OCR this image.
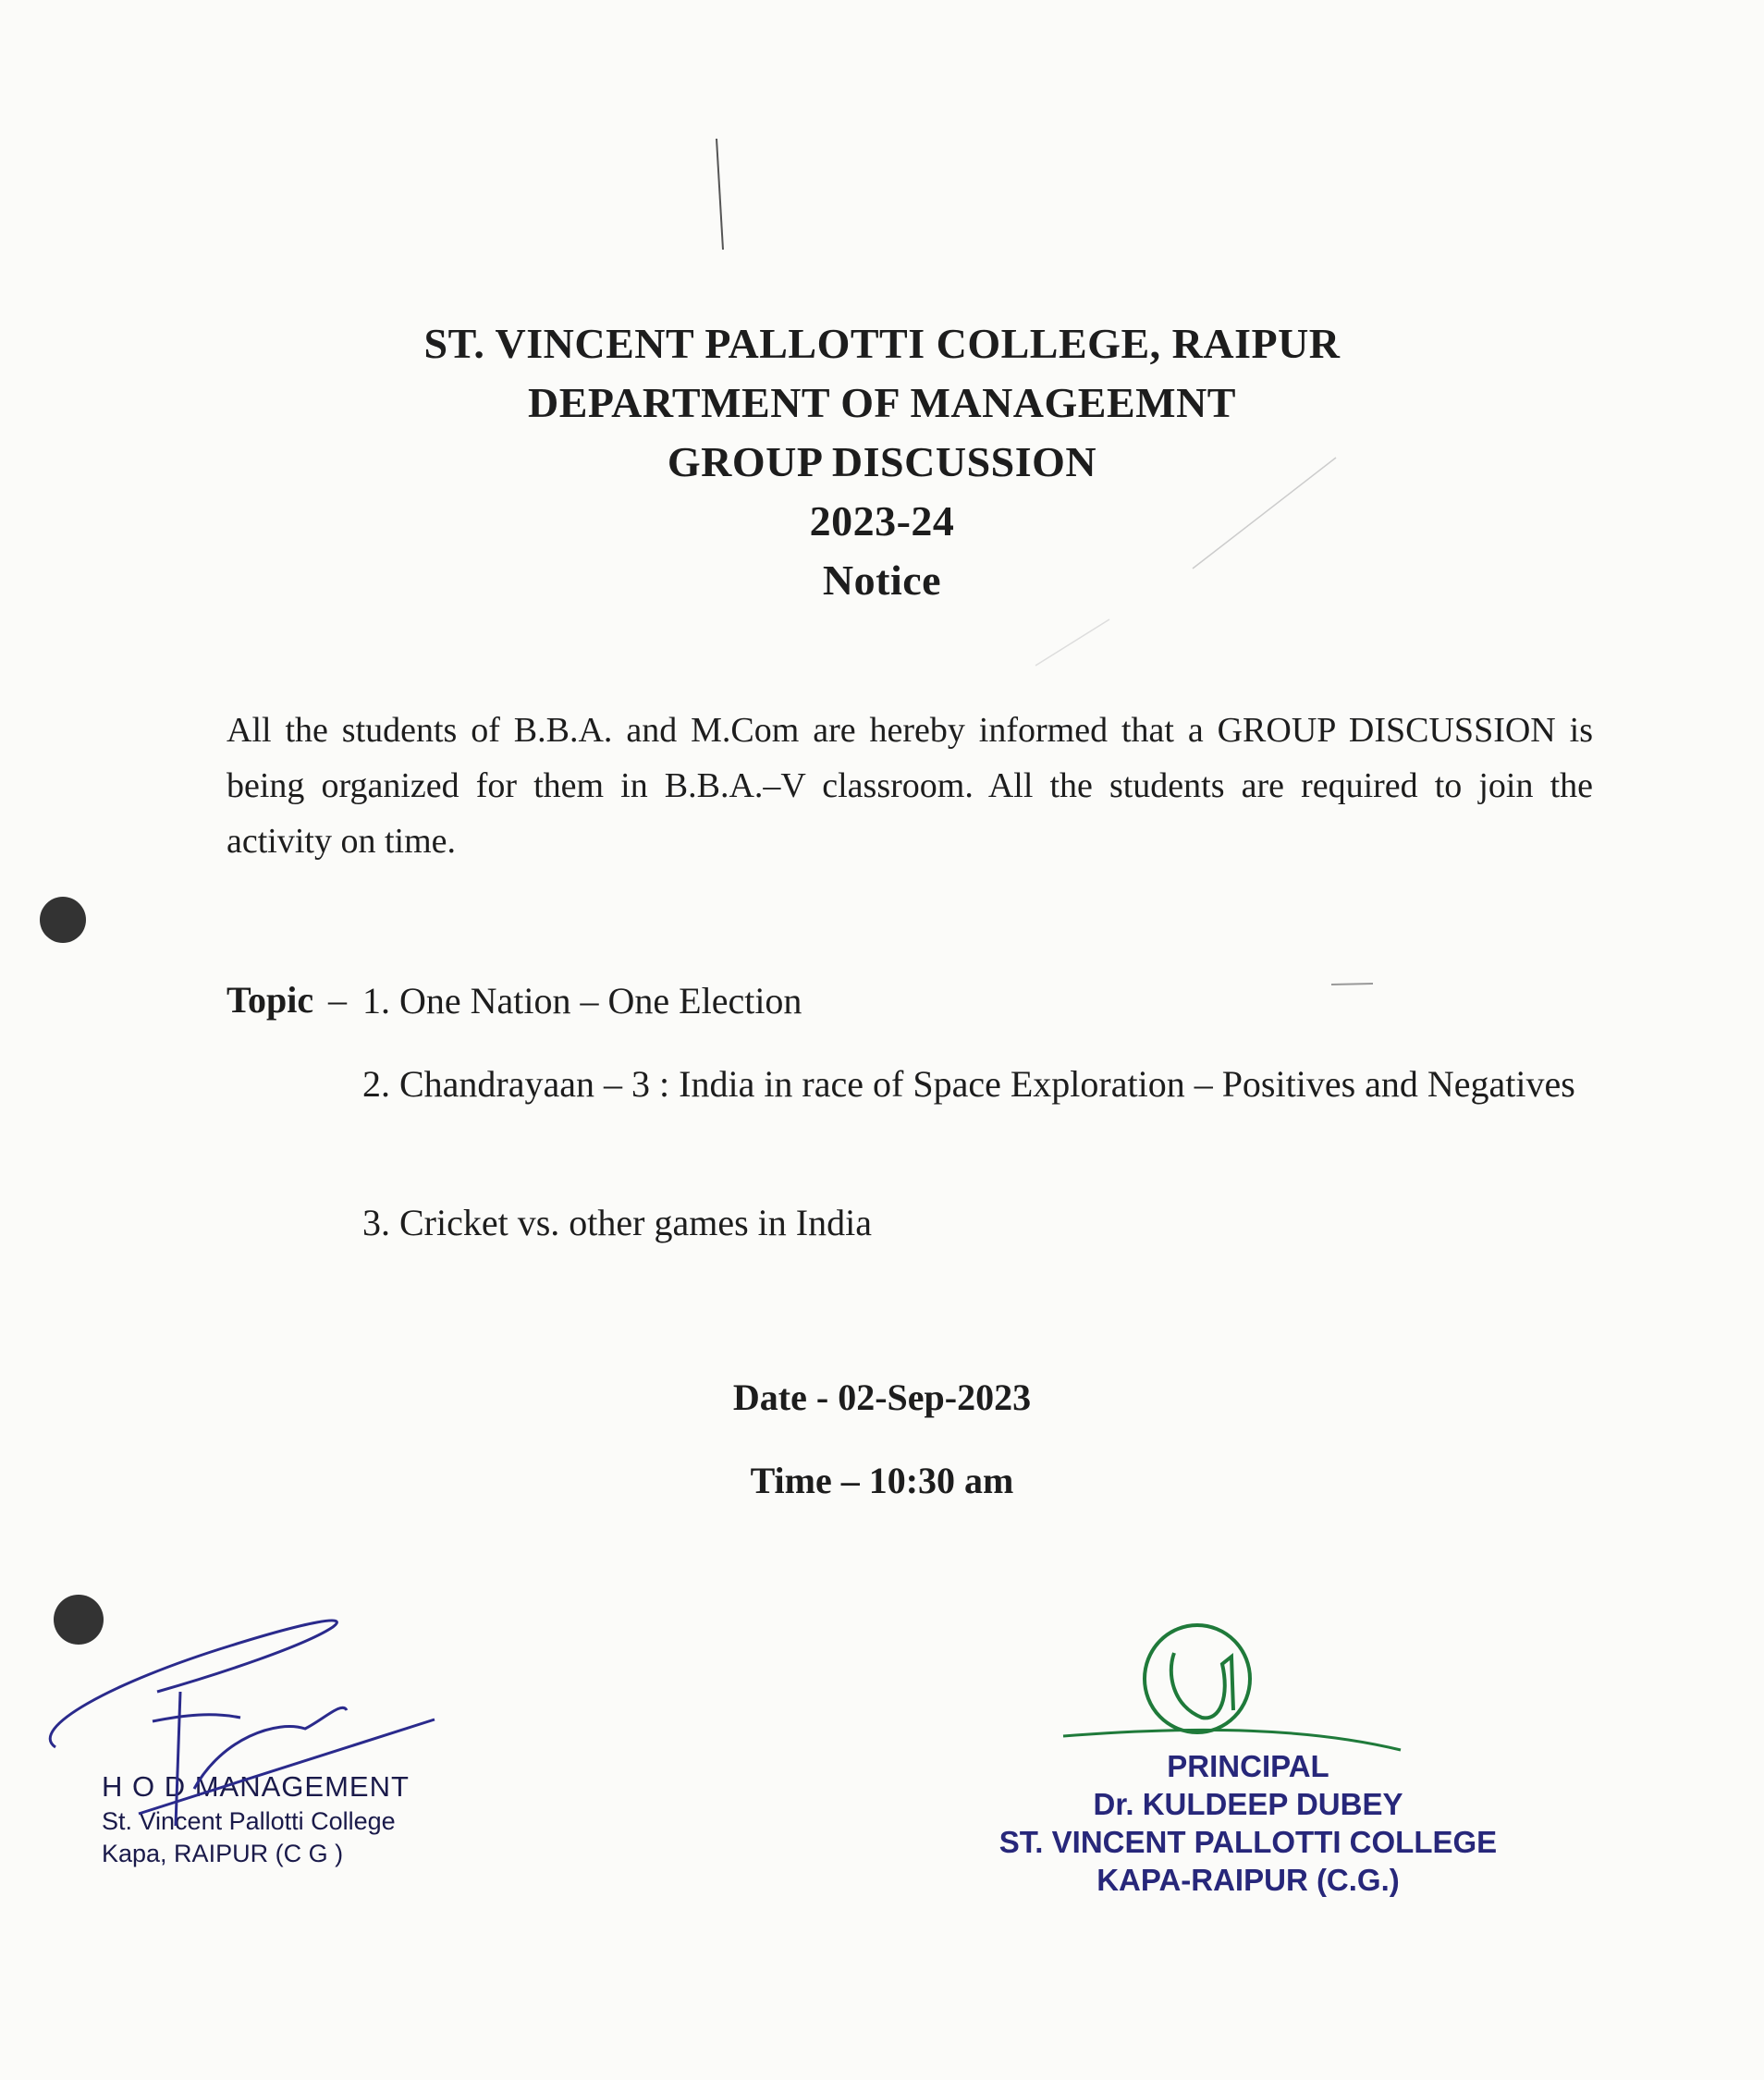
ST. VINCENT PALLOTTI COLLEGE, RAIPUR
DEPARTMENT OF MANAGEEMNT
GROUP DISCUSSION
2023-24
Notice
All the students of B.B.A. and M.Com are hereby informed that a GROUP DISCUSSION is being organized for them in B.B.A.–V classroom. All the students are required to join the activity on time.
Topic – 1. One Nation – One Election
2. Chandrayaan – 3 : India in race of Space Exploration – Positives and Negatives
3. Cricket vs. other games in India
Date - 02-Sep-2023
Time – 10:30 am
H O D MANAGEMENT
St. Vincent Pallotti College
Kapa, RAIPUR (C G )
PRINCIPAL
Dr. KULDEEP DUBEY
ST. VINCENT PALLOTTI COLLEGE
KAPA-RAIPUR (C.G.)
